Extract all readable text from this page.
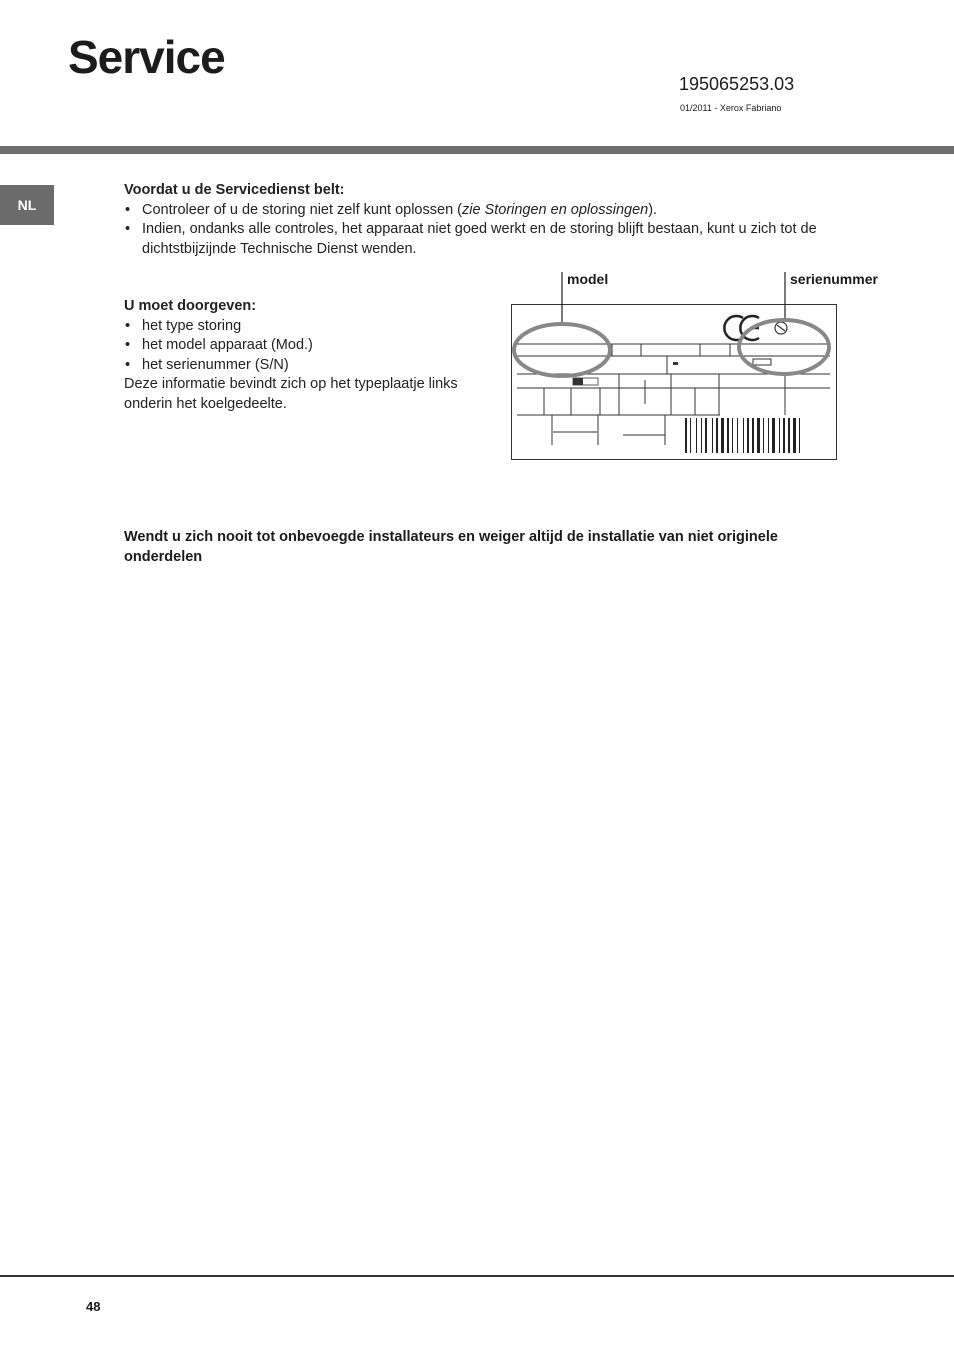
Service
195065253.03
01/2011 - Xerox Fabriano
NL
Voordat u de Servicedienst belt:
• Controleer of u de storing niet zelf kunt oplossen (zie Storingen en oplossingen).
• Indien, ondanks alle controles, het apparaat niet goed werkt en de storing blijft bestaan, kunt u zich tot de dichtstbijzijnde Technische Dienst wenden.
U moet doorgeven:
• het type storing
• het model apparaat (Mod.)
• het serienummer (S/N)
Deze informatie bevindt zich op het typeplaatje links onderin het koelgedeelte.
model	serienummer
Wendt u zich nooit tot onbevoegde installateurs en weiger altijd de installatie van niet originele onderdelen
48
